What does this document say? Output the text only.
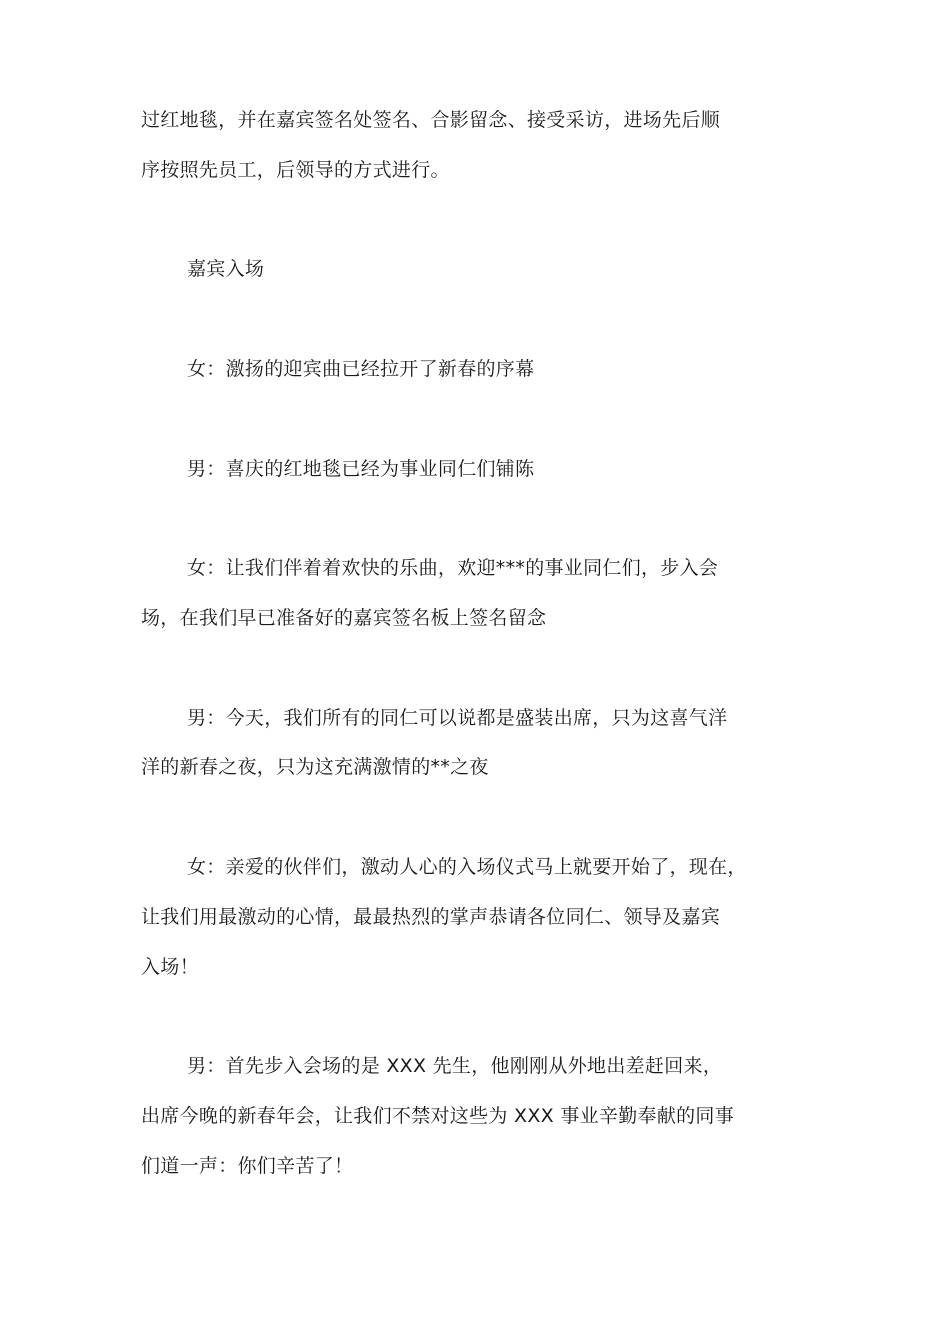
过红地毯，并在嘉宾签名处签名、合影留念、接受采访，进场先后顺
序按照先员工，后领导的方式进行。
嘉宾入场
女：激扬的迎宾曲已经拉开了新春的序幕
男：喜庆的红地毯已经为事业同仁们铺陈
女：让我们伴着着欢快的乐曲，欢迎***的事业同仁们，步入会
场，在我们早已准备好的嘉宾签名板上签名留念
男：今天，我们所有的同仁可以说都是盛装出席，只为这喜气洋
洋的新春之夜，只为这充满激情的**之夜
女：亲爱的伙伴们，激动人心的入场仪式马上就要开始了，现在，
让我们用最激动的心情，最最热烈的掌声恭请各位同仁、领导及嘉宾
入场！
男：首先步入会场的是 XXX 先生，他刚刚从外地出差赶回来，
出席今晚的新春年会，让我们不禁对这些为 XXX 事业辛勤奉献的同事
们道一声：你们辛苦了！
